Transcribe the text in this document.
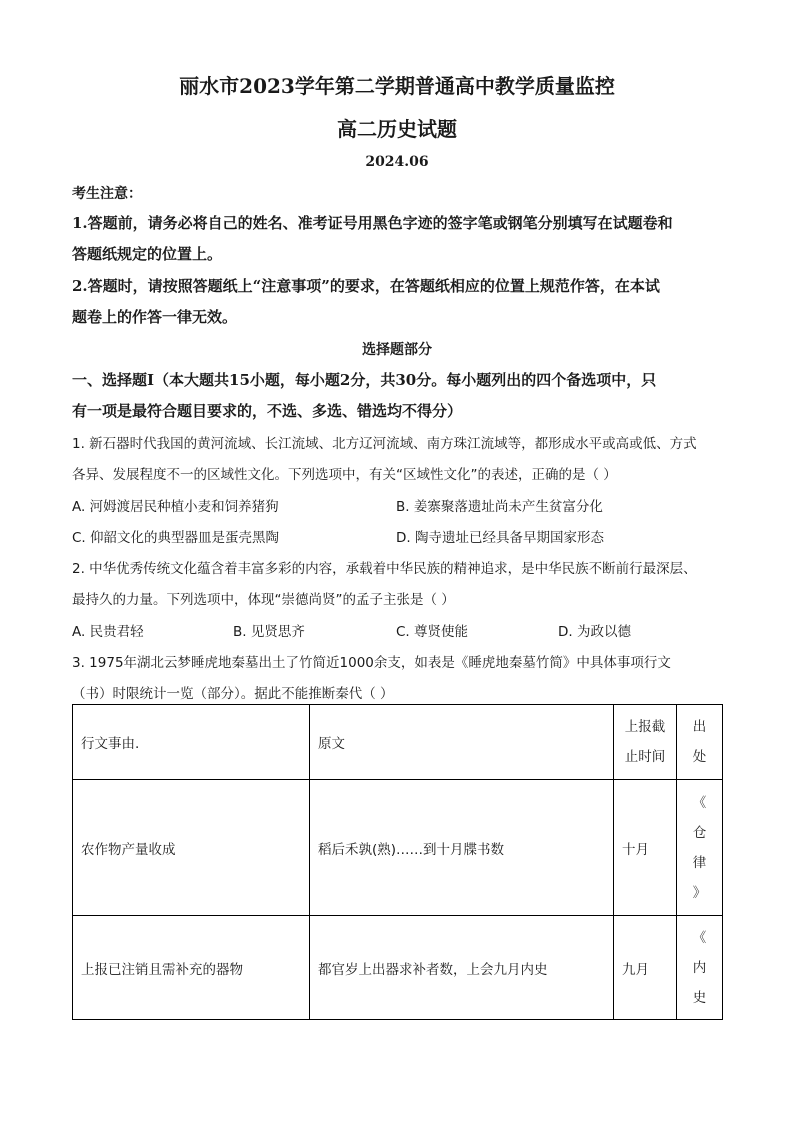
丽水市2023学年第二学期普通高中教学质量监控
高二历史试题
2024.06
考生注意：
1.答题前，请务必将自己的姓名、准考证号用黑色字迹的签字笔或钢笔分别填写在试题卷和
答题纸规定的位置上。
2.答题时，请按照答题纸上“注意事项”的要求，在答题纸相应的位置上规范作答，在本试
题卷上的作答一律无效。
选择题部分
一、选择题Ⅰ（本大题共15小题，每小题2分，共30分。每小题列出的四个备选项中，只
有一项是最符合题目要求的，不选、多选、错选均不得分）
1. 新石器时代我国的黄河流域、长江流域、北方辽河流域、南方珠江流域等，都形成水平或高或低、方式
各异、发展程度不一的区域性文化。下列选项中，有关“区域性文化”的表述，正确的是（ ）
A. 河姆渡居民种植小麦和饲养猪狗	B. 姜寨聚落遗址尚未产生贫富分化
C. 仰韶文化的典型器皿是蛋壳黑陶	D. 陶寺遗址已经具备早期国家形态
2. 中华优秀传统文化蕴含着丰富多彩的内容，承载着中华民族的精神追求，是中华民族不断前行最深层、
最持久的力量。下列选项中，体现“崇德尚贤”的孟子主张是（ ）
A. 民贵君轻	B. 见贤思齐	C. 尊贤使能	D. 为政以德
3. 1975年湖北云梦睡虎地秦墓出土了竹简近1000余支，如表是《睡虎地秦墓竹简》中具体事项行文
（书）时限统计一览（部分）。据此不能推断秦代（ ）
行文事由.	原文	上报截
止时间	出
处

农作物产量收成	稻后禾孰(熟)……到十月牒书数	十月	《
仓
律
》

上报已注销且需补充的器物	都官岁上出器求补者数，上会九月内史	九月	《
内
史
